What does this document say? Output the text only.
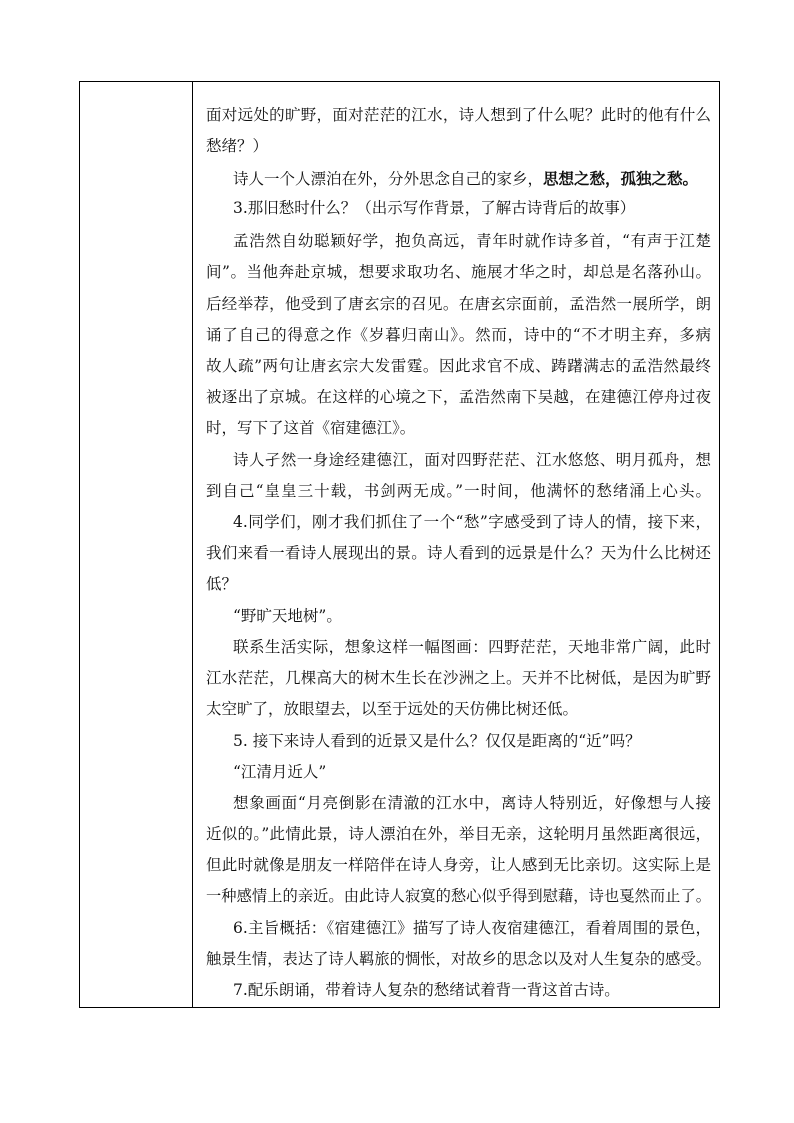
面对远处的旷野，面对茫茫的江水，诗人想到了什么呢？此时的他有什么
愁绪？）
诗人一个人漂泊在外，分外思念自己的家乡，思想之愁，孤独之愁。
3.那旧愁时什么？（出示写作背景，了解古诗背后的故事）
孟浩然自幼聪颖好学，抱负高远，青年时就作诗多首，“有声于江楚
间”。当他奔赴京城，想要求取功名、施展才华之时，却总是名落孙山。
后经举荐，他受到了唐玄宗的召见。在唐玄宗面前，孟浩然一展所学，朗
诵了自己的得意之作《岁暮归南山》。然而，诗中的“不才明主弃，多病
故人疏”两句让唐玄宗大发雷霆。因此求官不成、踌躇满志的孟浩然最终
被逐出了京城。在这样的心境之下，孟浩然南下吴越，在建德江停舟过夜
时，写下了这首《宿建德江》。
诗人孑然一身途经建德江，面对四野茫茫、江水悠悠、明月孤舟，想
到自己“皇皇三十载，书剑两无成。”一时间，他满怀的愁绪涌上心头。
4.同学们，刚才我们抓住了一个“愁”字感受到了诗人的情，接下来，
我们来看一看诗人展现出的景。诗人看到的远景是什么？天为什么比树还
低？
“野旷天地树”。
联系生活实际，想象这样一幅图画：四野茫茫，天地非常广阔，此时
江水茫茫，几棵高大的树木生长在沙洲之上。天并不比树低，是因为旷野
太空旷了，放眼望去，以至于远处的天仿佛比树还低。
5. 接下来诗人看到的近景又是什么？仅仅是距离的“近”吗？
“江清月近人”
想象画面“月亮倒影在清澈的江水中，离诗人特别近，好像想与人接
近似的。”此情此景，诗人漂泊在外，举目无亲，这轮明月虽然距离很远，
但此时就像是朋友一样陪伴在诗人身旁，让人感到无比亲切。这实际上是
一种感情上的亲近。由此诗人寂寞的愁心似乎得到慰藉，诗也戛然而止了。
6.主旨概括：《宿建德江》描写了诗人夜宿建德江，看着周围的景色，
触景生情，表达了诗人羁旅的惆怅，对故乡的思念以及对人生复杂的感受。
7.配乐朗诵，带着诗人复杂的愁绪试着背一背这首古诗。
